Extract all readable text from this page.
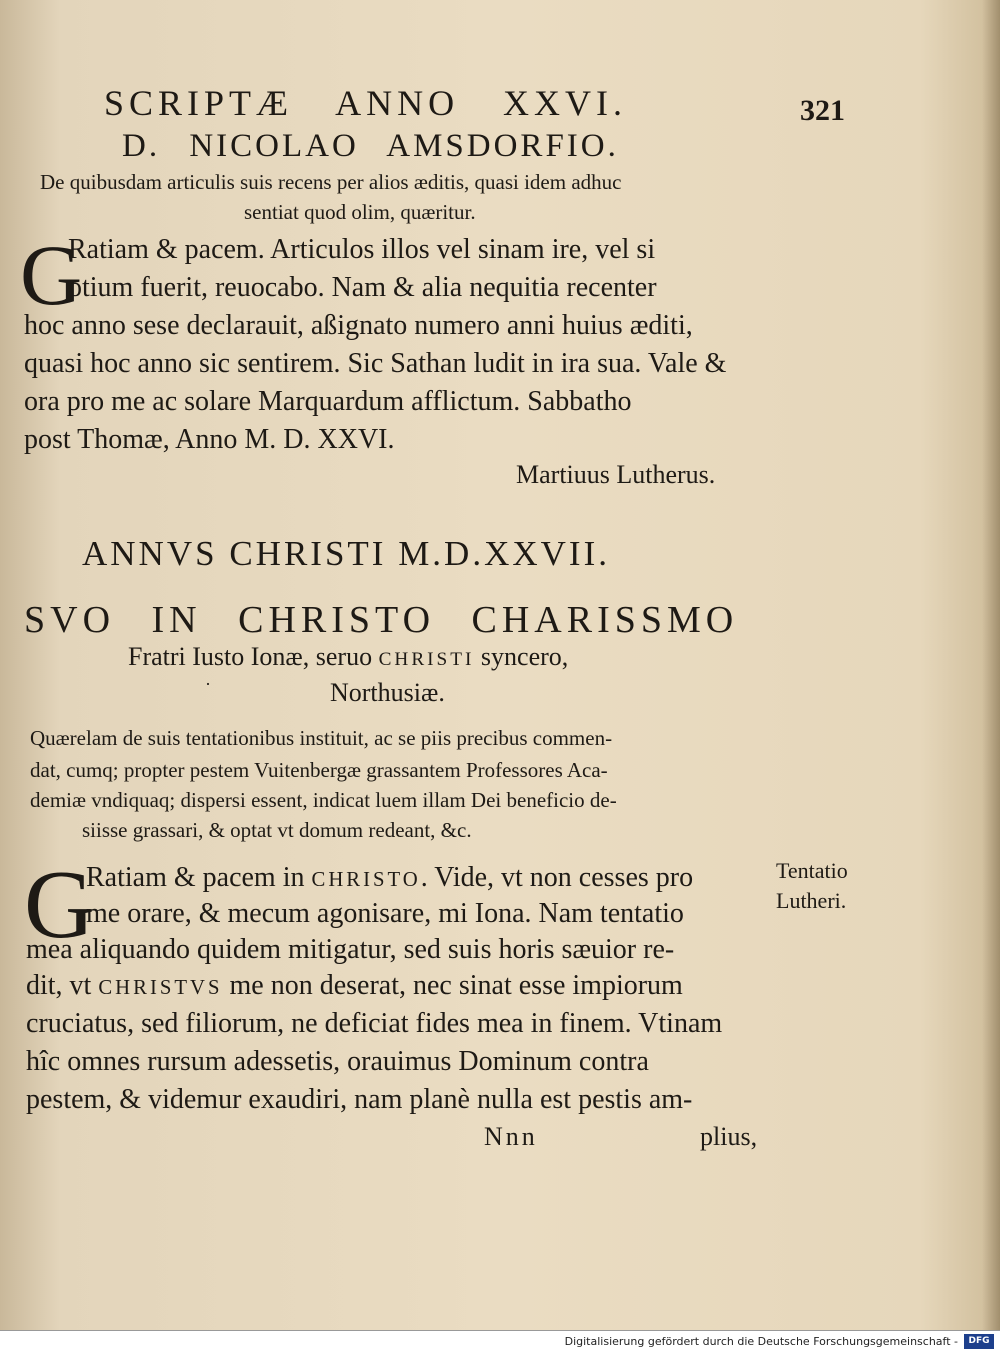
SCRIPTÆ ANNO XXVI.	321
D. NICOLAO AMSDORFIO.
De quibusdam articulis suis recens per alios æditis, quasi idem adhuc
sentiat quod olim, quæritur.
G
Ratiam & pacem. Articulos illos vel sinam ire, vel si
otium fuerit, reuocabo. Nam & alia nequitia recenter
hoc anno sese declarauit, aßignato numero anni huius æditi,
quasi hoc anno sic sentirem. Sic Sathan ludit in ira sua. Vale &
ora pro me ac solare Marquardum afflictum. Sabbatho
post Thomæ, Anno M. D. XXVI.
Martiuus Lutherus.
ANNVS CHRISTI M.D.XXVII.
SVO IN CHRISTO CHARISSMO
Fratri Iusto Ionæ, seruo CHRISTI syncero,
·	Northusiæ.
Quærelam de suis tentationibus instituit, ac se piis precibus commen-
dat, cumq; propter pestem Vuitenbergæ grassantem Professores Aca-
demiæ vndiquaq; dispersi essent, indicat luem illam Dei beneficio de-
siisse grassari, & optat vt domum redeant, &c.
G
Ratiam & pacem in CHRISTO. Vide, vt non cesses pro
me orare, & mecum agonisare, mi Iona. Nam tentatio
mea aliquando quidem mitigatur, sed suis horis sæuior re-
dit, vt CHRISTVS me non deserat, nec sinat esse impiorum
cruciatus, sed filiorum, ne deficiat fides mea in finem. Vtinam
hîc omnes rursum adessetis, orauimus Dominum contra
pestem, & videmur exaudiri, nam planè nulla est pestis am-
Nnn	plius,
Tentatio
Lutheri.
Digitalisierung gefördert durch die Deutsche Forschungsgemeinschaft -	DFG
